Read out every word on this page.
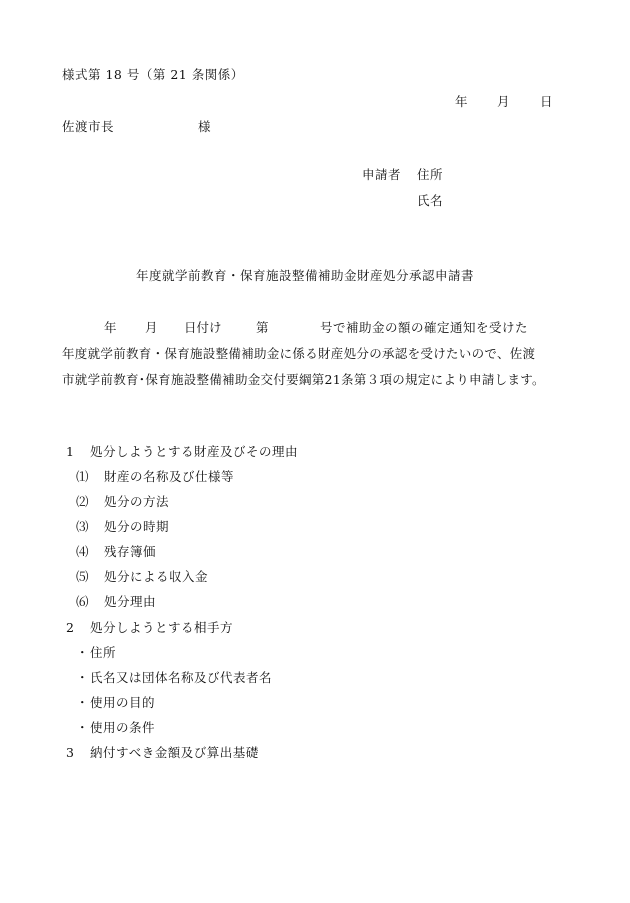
様式第 18 号（第 21 条関係）
年 月 日
佐渡市長	様
申請者 住所
氏名
年度就学前教育・保育施設整備補助金財産処分承認申請書
年 月 日付け	第	号で補助金の額の確定通知を受けた
年度就学前教育・保育施設整備補助金に係る財産処分の承認を受けたいので、佐渡
市就学前教育･保育施設整備補助金交付要綱第21条第３項の規定により申請します。
1 処分しようとする財産及びその理由
⑴ 財産の名称及び仕様等
⑵ 処分の方法
⑶ 処分の時期
⑷ 残存簿価
⑸ 処分による収入金
⑹ 処分理由
2 処分しようとする相手方
・ 住所
・ 氏名又は団体名称及び代表者名
・ 使用の目的
・ 使用の条件
3 納付すべき金額及び算出基礎
